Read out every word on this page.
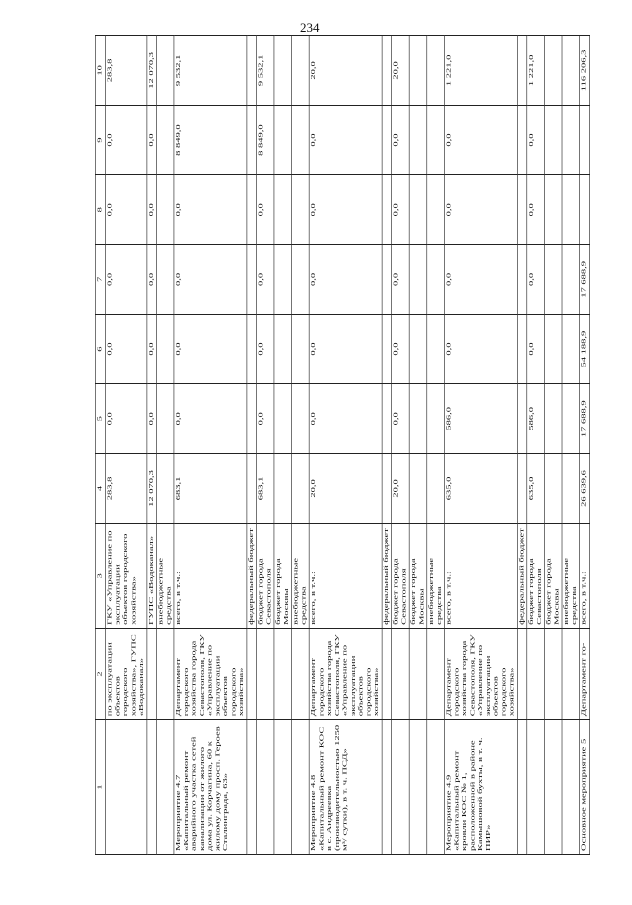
234
1	2	3	4	5	6	7	8	9	10
	по эксплуатации объектов городского хозяйства», ГУПС «Водоканал»	ГКУ «Управление по эксплуатации объектов городского хозяйства»	283,8	0,0	0,0	0,0	0,0	0,0	283,8
		ГУПС «Водоканал»	12 070,3	0,0	0,0	0,0	0,0	0,0	12 070,3
		внебюджетные средства							
Мероприятие 4.7 «Капитальный ремонт аварийного участка сетей канализации от жилого дома ул. Корчагина, 60 к жилому дому просп. Героев Сталинграда, 63»	Департамент городского хозяйства города Севастополя, ГКУ «Управление по эксплуатации объектов городского хозяйства»	всего, в т.ч.:	683,1	0,0	0,0	0,0	0,0	8 849,0	9 532,1
		федеральный бюджет							
		бюджет города Севастополя	683,1	0,0	0,0	0,0	0,0	8 849,0	9 532,1
		бюджет города Москвы							
		внебюджетные средства							
Мероприятие 4.8 «Капитальный ремонт КОС в с. Андреевка (производительностью 1250 м³/ сутки), в т. ч. ПСД»	Департамент городского хозяйства города Севастополя, ГКУ «Управление по эксплуатации объектов городского хозяйства»	всего, в т.ч.:	20,0	0,0	0,0	0,0	0,0	0,0	20,0
		федеральный бюджет							
		бюджет города Севастополя	20,0	0,0	0,0	0,0	0,0	0,0	20,0
		бюджет города Москвы							
		внебюджетные средства							
Мероприятие 4.9 «Капитальный ремонт кровли КОС № 1, расположенной в районе Камышовой бухты, в т. ч. ПИР»	Департамент городского хозяйства города Севастополя, ГКУ «Управление по эксплуатации объектов городского хозяйства»	всего, в т.ч.:	635,0	586,0	0,0	0,0	0,0	0,0	1 221,0
		федеральный бюджет							
		бюджет города Севастополя	635,0	586,0	0,0	0,0	0,0	0,0	1 221,0
		бюджет города Москвы							
		внебюджетные средства							
Основное мероприятие 5	Департамент го-	всего, в т.ч.:	26 639,6	17 688,9	54 188,9	17 688,9			116 206,3
